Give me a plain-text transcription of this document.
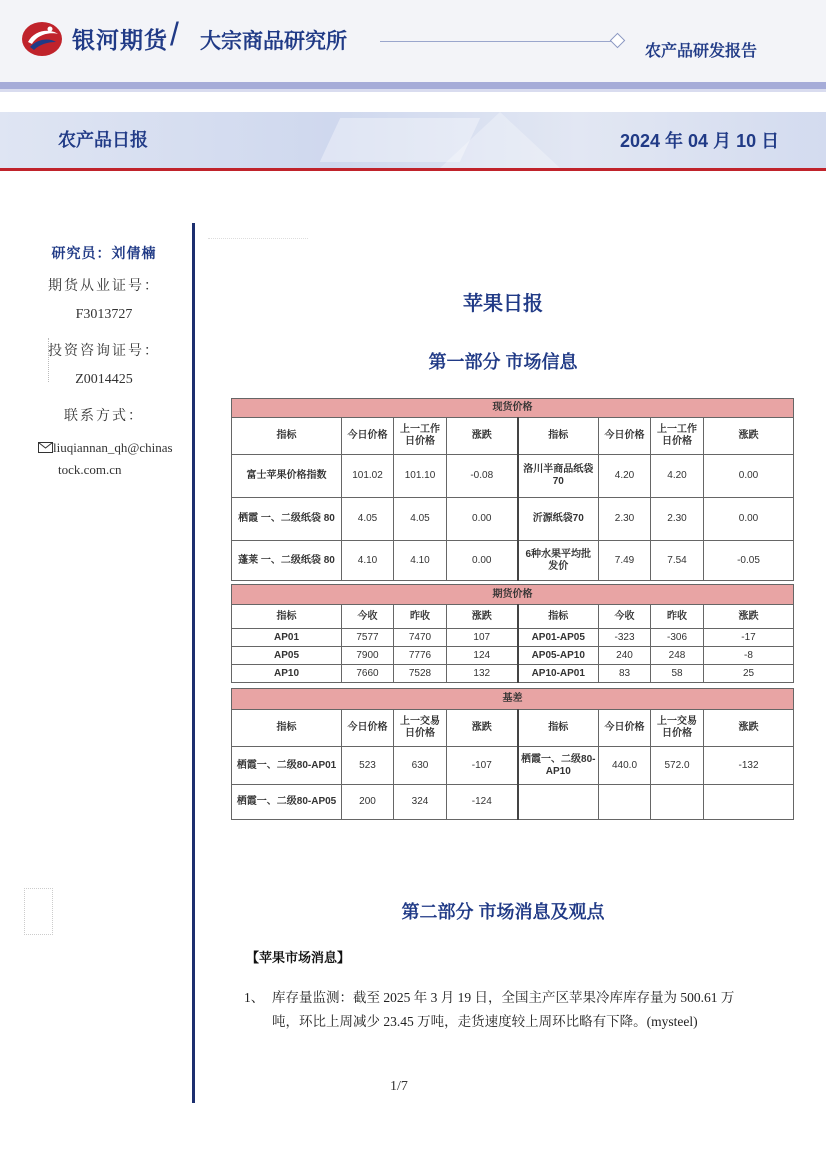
银河期货 / 大宗商品研究所	农产品研发报告
农产品日报	2024 年 04 月 10 日
研究员：刘倩楠
期货从业证号：
F3013727
投资咨询证号：
Z0014425
联系方式：
liuqiannan_qh@chinas
tock.com.cn
苹果日报
第一部分 市场信息
现货价格							
指标	今日价格	上一工作日价格	涨跌	指标	今日价格	上一工作日价格	涨跌
富士苹果价格指数	101.02	101.10	-0.08	洛川半商品纸袋70	4.20	4.20	0.00
栖霞 一、二级纸袋 80	4.05	4.05	0.00	沂源纸袋70	2.30	2.30	0.00
蓬莱 一、二级纸袋 80	4.10	4.10	0.00	6种水果平均批发价	7.49	7.54	-0.05
期货价格							
指标	今收	昨收	涨跌	指标	今收	昨收	涨跌
AP01	7577	7470	107	AP01-AP05	-323	-306	-17
AP05	7900	7776	124	AP05-AP10	240	248	-8
AP10	7660	7528	132	AP10-AP01	83	58	25
基差							
指标	今日价格	上一交易日价格	涨跌	指标	今日价格	上一交易日价格	涨跌
栖霞一、二级80-AP01	523	630	-107	栖霞一、二级80-AP10	440.0	572.0	-132
栖霞一、二级80-AP05	200	324	-124				
第二部分 市场消息及观点
【苹果市场消息】
1、 库存量监测：截至 2025 年 3 月 19 日，全国主产区苹果冷库库存量为 500.61 万
吨，环比上周减少 23.45 万吨，走货速度较上周环比略有下降。(mysteel)
1/7
